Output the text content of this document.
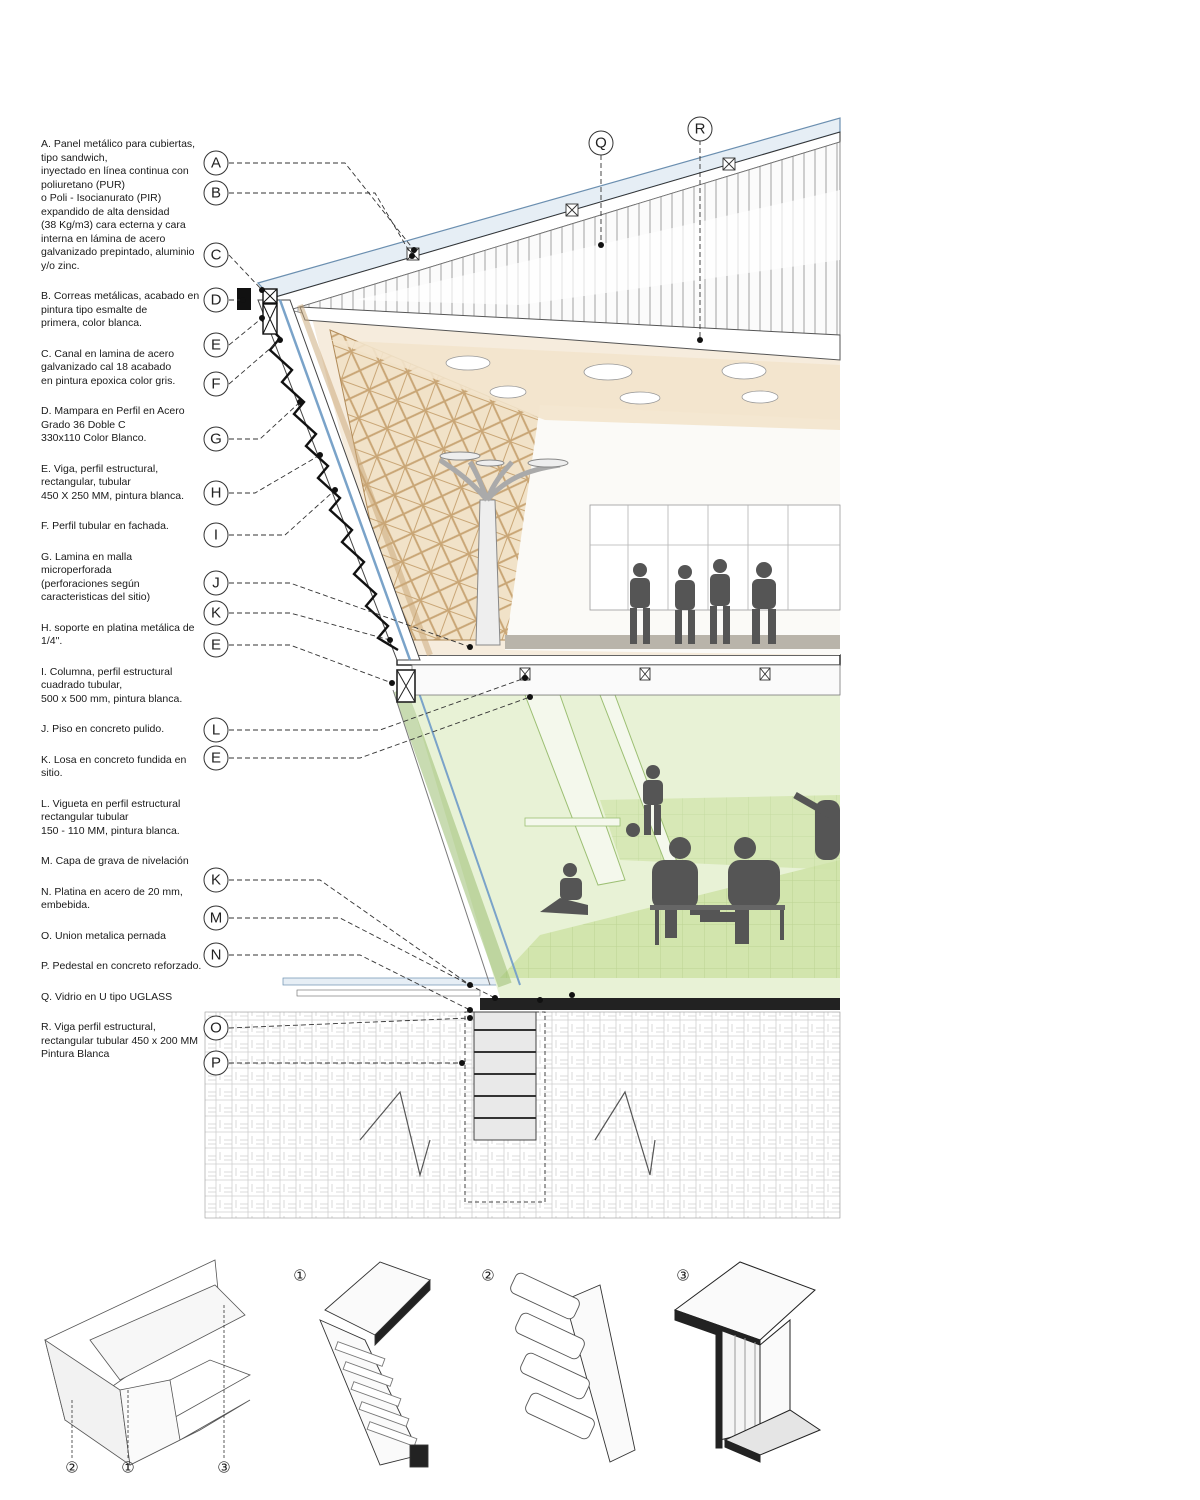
A. Panel metálico para cubiertas,
tipo sandwich,
inyectado en línea continua con
poliuretano (PUR)
o Poli - Isocianurato (PIR)
expandido de alta densidad
(38 Kg/m3) cara ecterna y cara
interna en lámina de acero
galvanizado prepintado, aluminio
y/o zinc.
B. Correas metálicas, acabado en
pintura tipo esmalte de
primera, color blanca.
C. Canal en lamina de acero
galvanizado cal 18 acabado
en pintura epoxica color gris.
D. Mampara en Perfil en Acero
Grado 36 Doble C
330x110 Color Blanco.
E. Viga, perfil estructural,
rectangular, tubular
450 X 250 MM, pintura blanca.
F. Perfil tubular en fachada.
G. Lamina en malla
microperforada
(perforaciones según
caracteristicas del sitio)
H. soporte en platina metálica de
1/4".
I. Columna, perfil estructural
cuadrado tubular,
500 x 500 mm, pintura blanca.
J. Piso en concreto pulido.
K. Losa en concreto fundida en
sitio.
L. Vigueta en perfil estructural
rectangular tubular
150 - 110 MM, pintura blanca.
M. Capa de grava de nivelación
N. Platina en acero de 20 mm,
embebida.
O. Union metalica pernada
P. Pedestal en concreto reforzado.
Q. Vidrio en U tipo UGLASS
R. Viga perfil estructural,
rectangular tubular 450 x 200 MM
Pintura Blanca
A
B
C
D
E
F
G
H
I
J
K
E
L
E
K
M
N
O
P
Q
R
①	②	③
②	①	③
